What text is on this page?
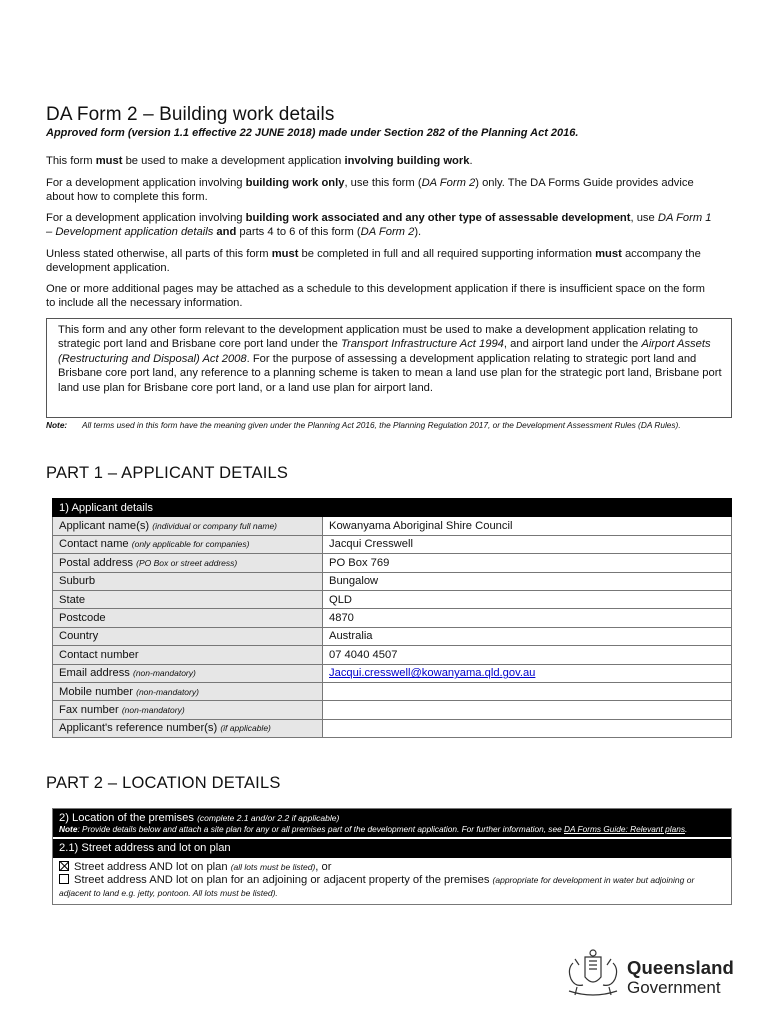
DA Form 2 – Building work details

Approved form (version 1.1 effective 22 JUNE 2018) made under Section 282 of the Planning Act 2016.

This form must be used to make a development application involving building work.

For a development application involving building work only, use this form (DA Form 2) only. The DA Forms Guide provides advice about how to complete this form.

For a development application involving building work associated and any other type of assessable development, use DA Form 1 – Development application details and parts 4 to 6 of this form (DA Form 2).

Unless stated otherwise, all parts of this form must be completed in full and all required supporting information must accompany the development application.

One or more additional pages may be attached as a schedule to this development application if there is insufficient space on the form to include all the necessary information.

This form and any other form relevant to the development application must be used to make a development application relating to strategic port land and Brisbane core port land under the Transport Infrastructure Act 1994, and airport land under the Airport Assets (Restructuring and Disposal) Act 2008. For the purpose of assessing a development application relating to strategic port land and Brisbane core port land, any reference to a planning scheme is taken to mean a land use plan for the strategic port land, Brisbane port land use plan for Brisbane core port land, or a land use plan for airport land.
Note: All terms used in this form have the meaning given under the Planning Act 2016, the Planning Regulation 2017, or the Development Assessment Rules (DA Rules).
PART 1 – APPLICANT DETAILS
1) Applicant details	
Applicant name(s) (individual or company full name)	Kowanyama Aboriginal Shire Council
Contact name (only applicable for companies)	Jacqui Cresswell
Postal address (PO Box or street address)	PO Box 769
Suburb	Bungalow
State	QLD
Postcode	4870
Country	Australia
Contact number	07 4040 4507
Email address (non-mandatory)	Jacqui.cresswell@kowanyama.qld.gov.au
Mobile number (non-mandatory)	
Fax number (non-mandatory)	
Applicant's reference number(s) (if applicable)	
PART 2 – LOCATION DETAILS
2) Location of the premises (complete 2.1 and/or 2.2 if applicable)
Note: Provide details below and attach a site plan for any or all premises part of the development application. For further information, see DA Forms Guide: Relevant plans.
2.1) Street address and lot on plan
Street address AND lot on plan (all lots must be listed), or
Street address AND lot on plan for an adjoining or adjacent property of the premises (appropriate for development in water but adjoining or adjacent to land e.g. jetty, pontoon. All lots must be listed).
Queensland
Government
